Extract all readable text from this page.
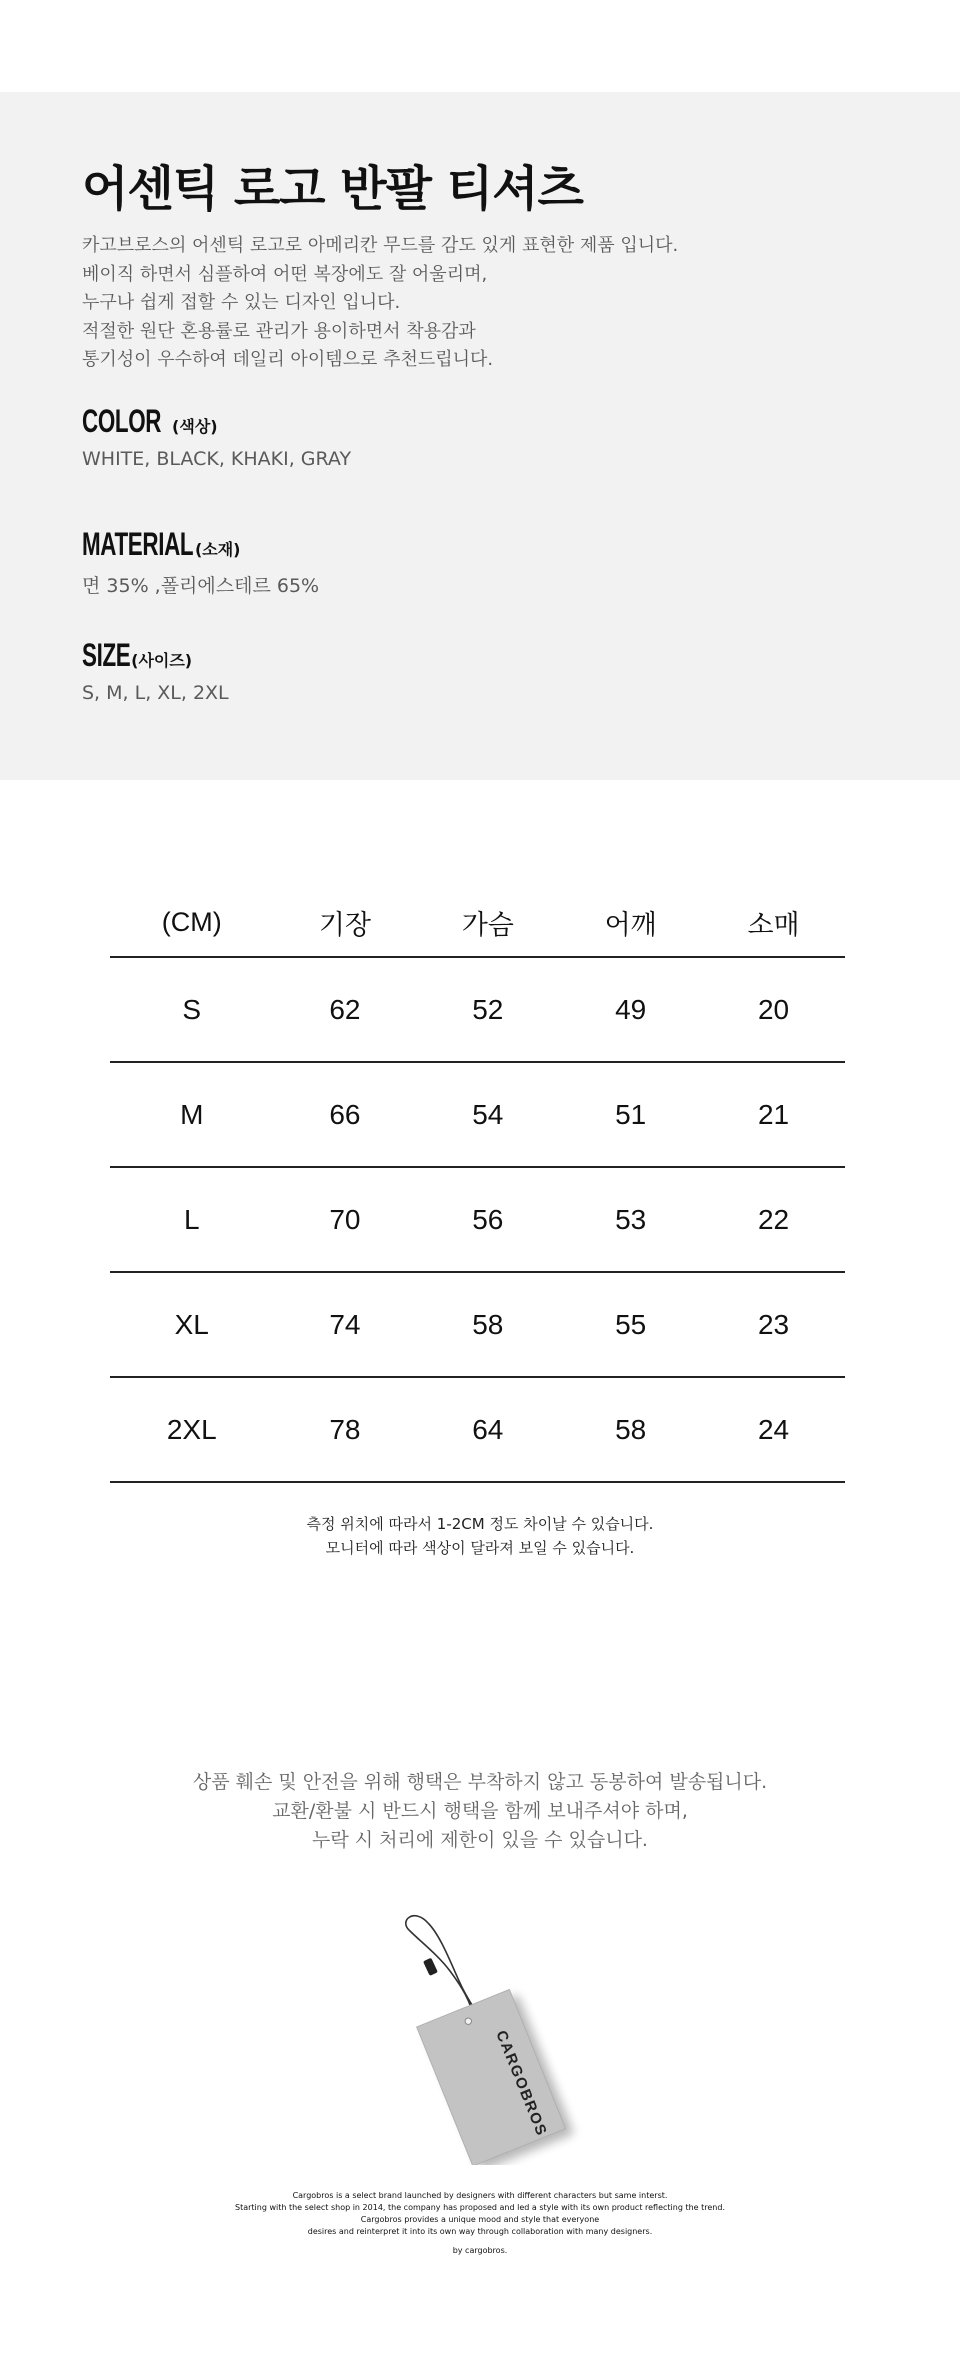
어센틱 로고 반팔 티셔츠
카고브로스의 어센틱 로고로 아메리칸 무드를 감도 있게 표현한 제품 입니다.
베이직 하면서 심플하여 어떤 복장에도 잘 어울리며,
누구나 쉽게 접할 수 있는 디자인 입니다.
적절한 원단 혼용률로 관리가 용이하면서 착용감과
통기성이 우수하여 데일리 아이템으로 추천드립니다.
COLOR (색상)
WHITE, BLACK, KHAKI, GRAY
MATERIAL (소재)
면 35% ,폴리에스테르 65%
SIZE(사이즈)
S, M, L, XL, 2XL
(CM)	기장	가슴	어깨	소매
S	62	52	49	20
M	66	54	51	21
L	70	56	53	22
XL	74	58	55	23
2XL	78	64	58	24
측정 위치에 따라서 1-2CM 정도 차이날 수 있습니다.
모니터에 따라 색상이 달라져 보일 수 있습니다.
상품 훼손 및 안전을 위해 행택은 부착하지 않고 동봉하여 발송됩니다.
교환/환불 시 반드시 행택을 함께 보내주셔야 하며,
누락 시 처리에 제한이 있을 수 있습니다.
CARGOBROS
Cargobros is a select brand launched by designers with different characters but same interst.
Starting with the select shop in 2014, the company has proposed and led a style with its own product reflecting the trend.
Cargobros provides a unique mood and style that everyone
desires and reinterpret it into its own way through collaboration with many designers.
by cargobros.
